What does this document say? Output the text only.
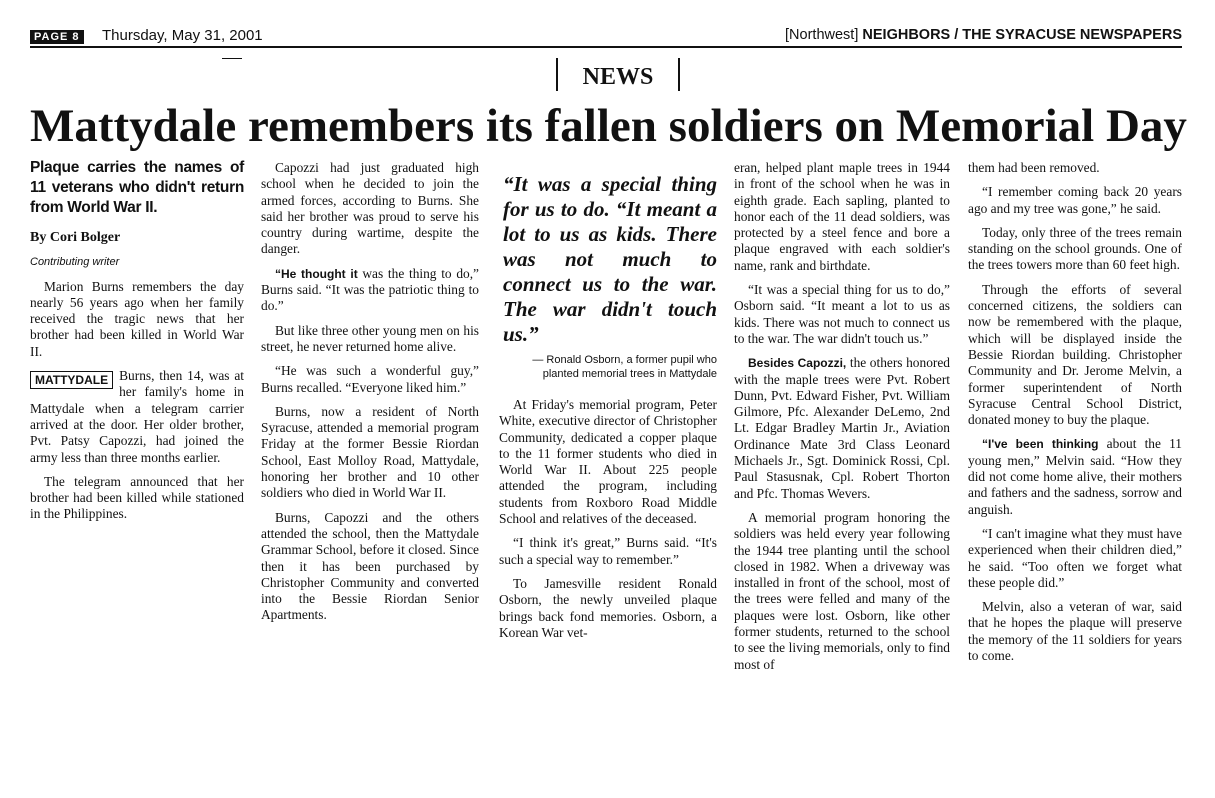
PAGE 8 Thursday, May 31, 2001	[Northwest] NEIGHBORS / THE SYRACUSE NEWSPAPERS
NEWS
Mattydale remembers its fallen soldiers on Memorial Day
Plaque carries the names of 11 veterans who didn't return from World War II.

By Cori Bolger

Contributing writer

Marion Burns remembers the day nearly 56 years ago when her family received the tragic news that her brother had been killed in World War II.

MATTYDALE Burns, then 14, was at her family's home in Mattydale when a telegram carrier arrived at the door. Her older brother, Pvt. Patsy Capozzi, had joined the army less than three months earlier.

The telegram announced that her brother had been killed while stationed in the Philippines.

Capozzi had just graduated high school when he decided to join the armed forces, according to Burns. She said her brother was proud to serve his country during wartime, despite the danger.

“He thought it was the thing to do,” Burns said. “It was the patriotic thing to do.”

But like three other young men on his street, he never returned home alive.

“He was such a wonderful guy,” Burns recalled. “Everyone liked him.”

Burns, now a resident of North Syracuse, attended a memorial program Friday at the former Bessie Riordan School, East Molloy Road, Mattydale, honoring her brother and 10 other soldiers who died in World War II.

Burns, Capozzi and the others attended the school, then the Mattydale Grammar School, before it closed. Since then it has been purchased by Christopher Community and converted into the Bessie Riordan Senior Apartments.

“It was a special thing for us to do. “It meant a lot to us as kids. There was not much to connect us to the war. The war didn't touch us.”
— Ronald Osborn, a former pupil who planted memorial trees in Mattydale

At Friday's memorial program, Peter White, executive director of Christopher Community, dedicated a copper plaque to the 11 former students who died in World War II. About 225 people attended the program, including students from Roxboro Road Middle School and relatives of the deceased.

“I think it's great,” Burns said. “It's such a special way to remember.”

To Jamesville resident Ronald Osborn, the newly unveiled plaque brings back fond memories. Osborn, a Korean War vet-

eran, helped plant maple trees in 1944 in front of the school when he was in eighth grade. Each sapling, planted to honor each of the 11 dead soldiers, was protected by a steel fence and bore a plaque engraved with each soldier's name, rank and birthdate.

“It was a special thing for us to do,” Osborn said. “It meant a lot to us as kids. There was not much to connect us to the war. The war didn't touch us.”

Besides Capozzi, the others honored with the maple trees were Pvt. Robert Dunn, Pvt. Edward Fisher, Pvt. William Gilmore, Pfc. Alexander DeLemo, 2nd Lt. Edgar Bradley Martin Jr., Aviation Ordinance Mate 3rd Class Leonard Michaels Jr., Sgt. Dominick Rossi, Cpl. Paul Stasusnak, Cpl. Robert Thorton and Pfc. Thomas Wevers.

A memorial program honoring the soldiers was held every year following the 1944 tree planting until the school closed in 1982. When a driveway was installed in front of the school, most of the trees were felled and many of the plaques were lost. Osborn, like other former students, returned to the school to see the living memorials, only to find most of

them had been removed.

“I remember coming back 20 years ago and my tree was gone,” he said.

Today, only three of the trees remain standing on the school grounds. One of the trees towers more than 60 feet high.

Through the efforts of several concerned citizens, the soldiers can now be remembered with the plaque, which will be displayed inside the Bessie Riordan building. Christopher Community and Dr. Jerome Melvin, a former superintendent of North Syracuse Central School District, donated money to buy the plaque.

“I've been thinking about the 11 young men,” Melvin said. “How they did not come home alive, their mothers and fathers and the sadness, sorrow and anguish.

“I can't imagine what they must have experienced when their children died,” he said. “Too often we forget what these people did.”

Melvin, also a veteran of war, said that he hopes the plaque will preserve the memory of the 11 soldiers for years to come.
